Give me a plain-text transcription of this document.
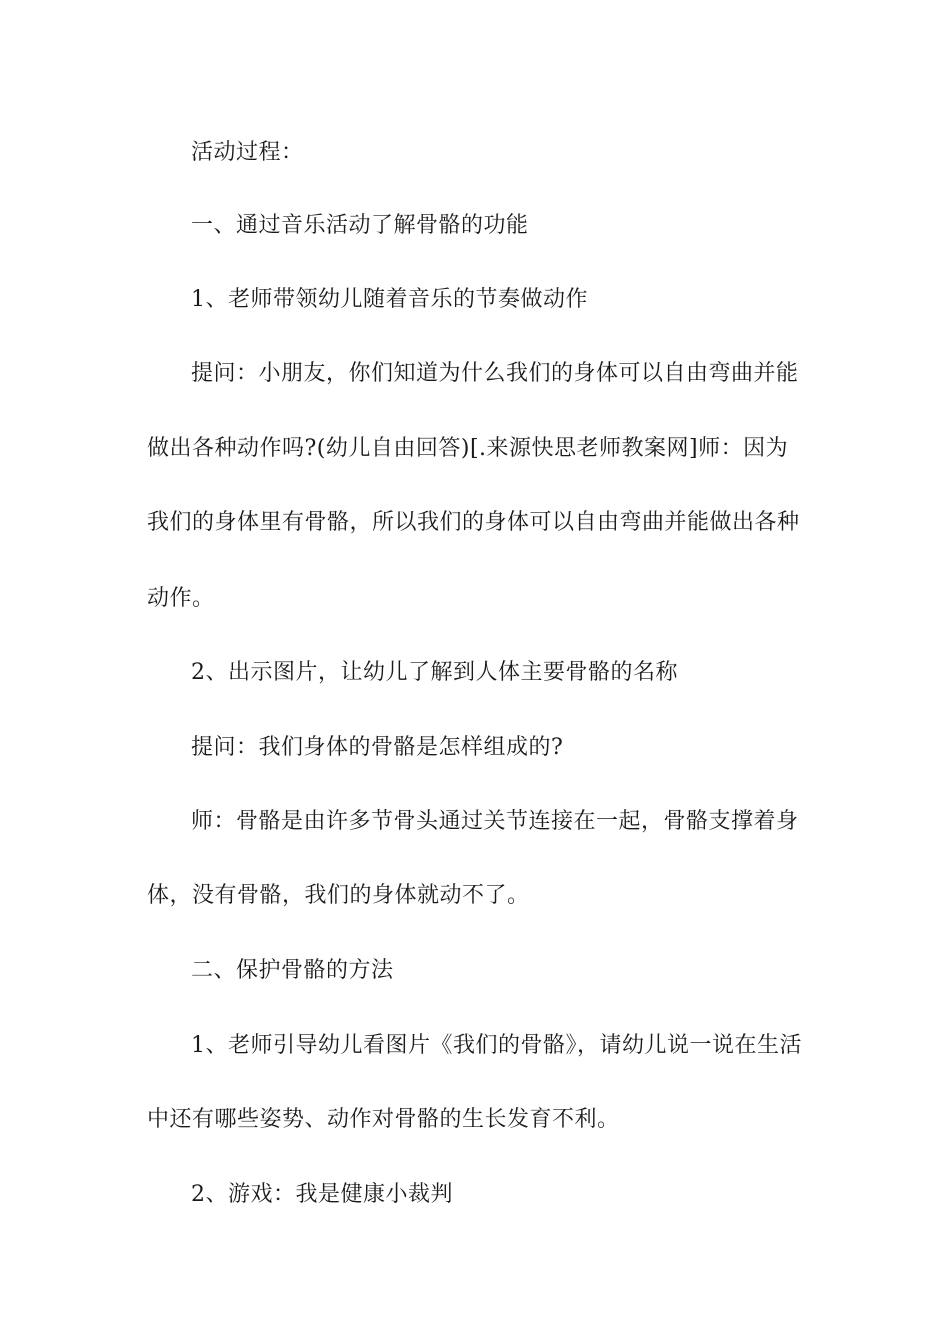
活动过程：
一、通过音乐活动了解骨骼的功能
1、老师带领幼儿随着音乐的节奏做动作
提问：小朋友，你们知道为什么我们的身体可以自由弯曲并能
做出各种动作吗?(幼儿自由回答)[.来源快思老师教案网]师：因为
我们的身体里有骨骼，所以我们的身体可以自由弯曲并能做出各种
动作。
2、出示图片，让幼儿了解到人体主要骨骼的名称
提问：我们身体的骨骼是怎样组成的?
师：骨骼是由许多节骨头通过关节连接在一起，骨骼支撑着身
体，没有骨骼，我们的身体就动不了。
二、保护骨骼的方法
1、老师引导幼儿看图片《我们的骨骼》，请幼儿说一说在生活
中还有哪些姿势、动作对骨骼的生长发育不利。
2、游戏：我是健康小裁判
